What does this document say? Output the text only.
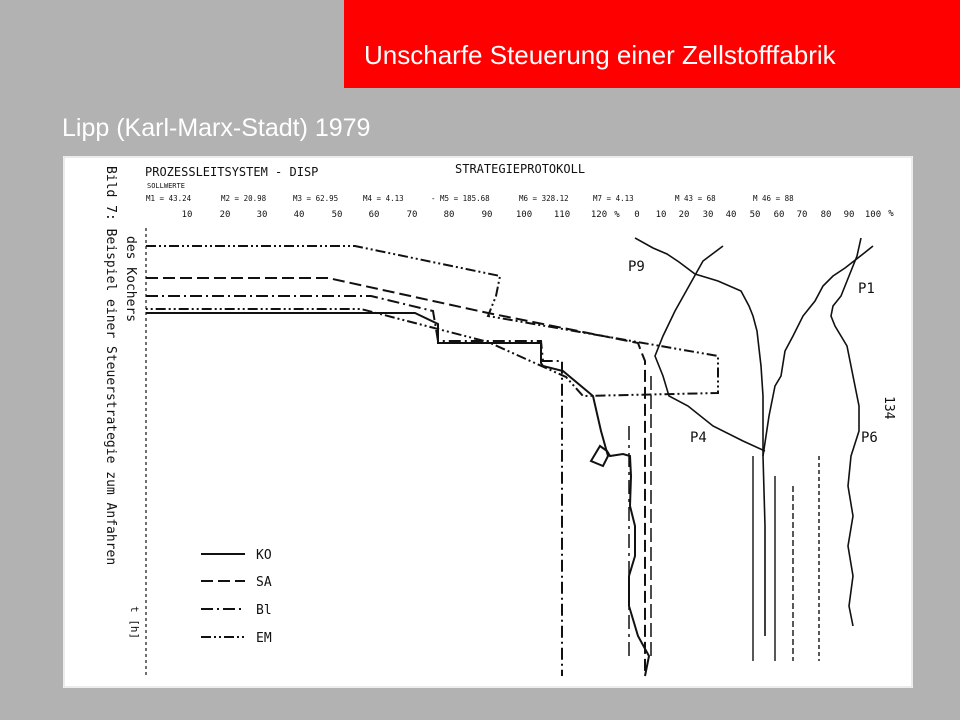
Unscharfe Steuerung einer Zellstofffabrik
Lipp (Karl-Marx-Stadt) 1979
PROZESSLEITSYSTEM - DISP	STRATEGIEPROTOKOLL
SOLLWERTE
M1 = 43.24	M2 = 20.98	M3 = 62.95	M4 = 4.13	- M5 = 185.68	M6 = 328.12	M7 = 4.13	M 43 = 68	M 46 = 88
10	20	30	40	50	60	70	80	90	100 110 120 % 0 10 20 30 40 50 60 70 80 90 100 %
Bild 7: Beispiel einer Steuerstrategie zum Anfahren des Kochers
t [h]
P9
P1
P4	P6
134
KO
SA
Bl
EM
